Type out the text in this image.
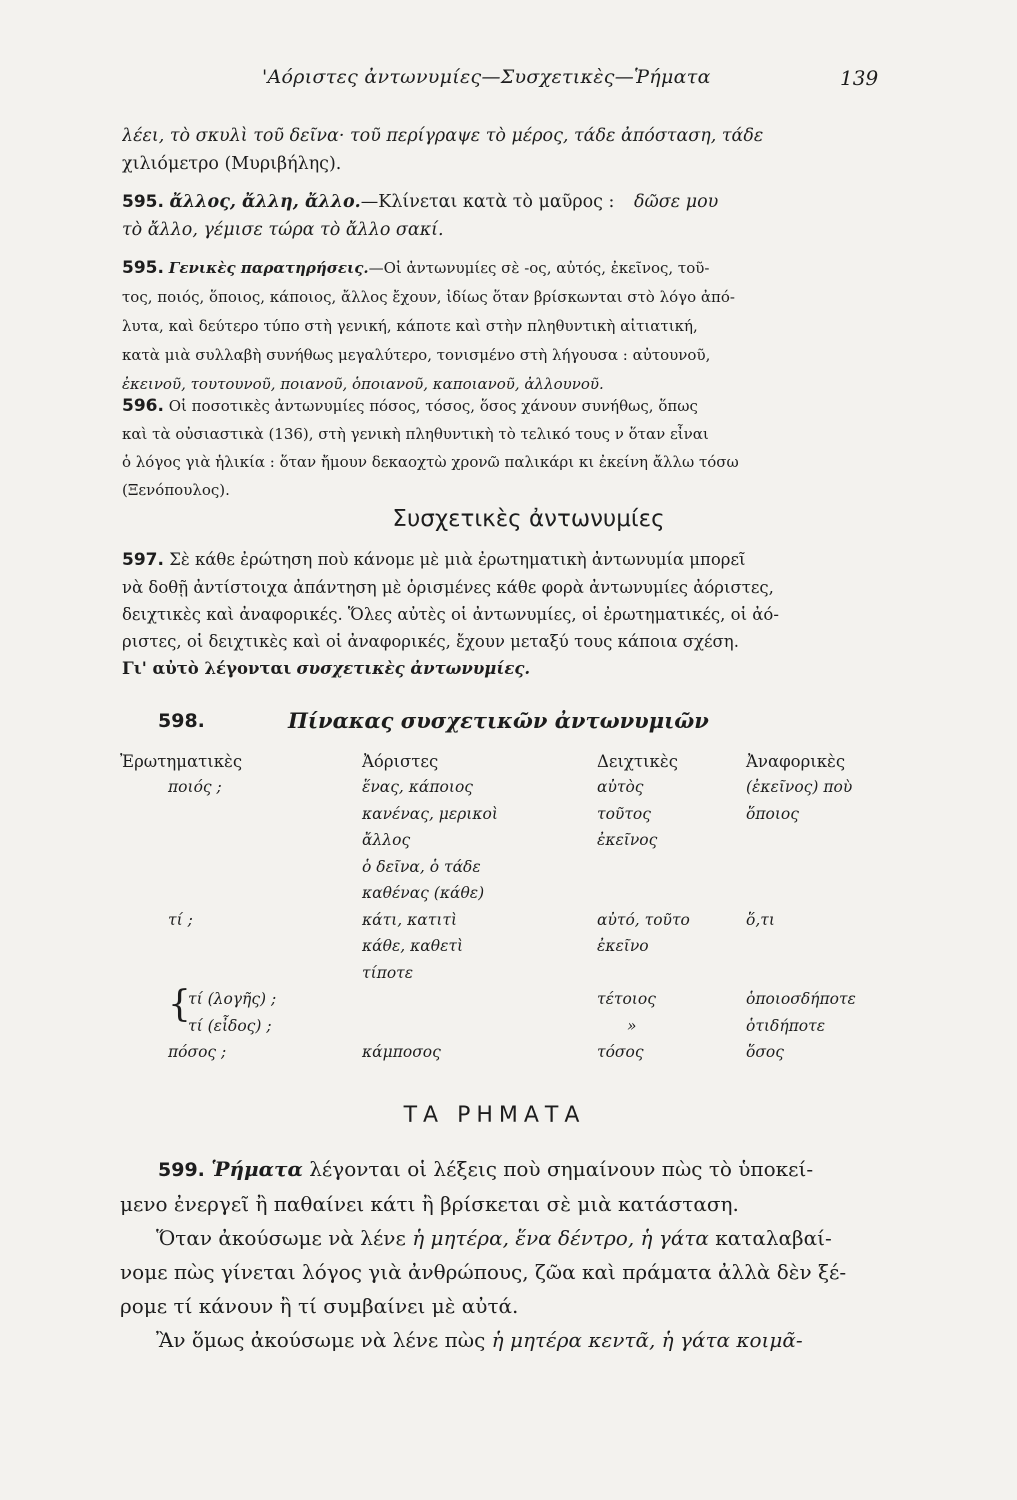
'Αόριστες ἀντωνυμίες—Συσχετικὲς—Ῥήματα	139
λέει, τὸ σκυλὶ τοῦ δεῖνα· τοῦ περίγραψε τὸ μέρος, τάδε ἀπόσταση, τάδε
χιλιόμετρο (Μυριβήλης).
595. ἄλλος, ἄλλη, ἄλλο.—Κλίνεται κατὰ τὸ μαῦρος : δῶσε μου
τὸ ἄλλο, γέμισε τώρα τὸ ἄλλο σακί.
595. Γενικὲς παρατηρήσεις.—Οἱ ἀντωνυμίες σὲ -ος, αὐτός, ἐκεῖνος, τοῦ-
τος, ποιός, ὅποιος, κάποιος, ἄλλος ἔχουν, ἰδίως ὅταν βρίσκωνται στὸ λόγο ἀπό-
λυτα, καὶ δεύτερο τύπο στὴ γενική, κάποτε καὶ στὴν πληθυντικὴ αἰτιατική,
κατὰ μιὰ συλλαβὴ συνήθως μεγαλύτερο, τονισμένο στὴ λήγουσα : αὐτουνοῦ,
ἐκεινοῦ, τουτουνοῦ, ποιανοῦ, ὁποιανοῦ, καποιανοῦ, ἀλλουνοῦ.
596. Οἱ ποσοτικὲς ἀντωνυμίες πόσος, τόσος, ὅσος χάνουν συνήθως, ὅπως
καὶ τὰ οὐσιαστικὰ (136), στὴ γενικὴ πληθυντικὴ τὸ τελικό τους ν ὅταν εἶναι
ὁ λόγος γιὰ ἡλικία : ὅταν ἤμουν δεκαοχτὼ χρονῶ παλικάρι κι ἐκείνη ἄλλω τόσω
(Ξενόπουλος).
Συσχετικὲς ἀντωνυμίες
597. Σὲ κάθε ἐρώτηση ποὺ κάνομε μὲ μιὰ ἐρωτηματικὴ ἀντωνυμία μπορεῖ
νὰ δοθῇ ἀντίστοιχα ἀπάντηση μὲ ὁρισμένες κάθε φορὰ ἀντωνυμίες ἀόριστες,
δειχτικὲς καὶ ἀναφορικές. Ὅλες αὐτὲς οἱ ἀντωνυμίες, οἱ ἐρωτηματικές, οἱ ἀό-
ριστες, οἱ δειχτικὲς καὶ οἱ ἀναφορικές, ἔχουν μεταξύ τους κάποια σχέση.
Γι' αὐτὸ λέγονται συσχετικὲς ἀντωνυμίες.
598.	Πίνακας συσχετικῶν ἀντωνυμιῶν
Ἐρωτηματικὲς	Ἀόριστες	Δειχτικὲς	Ἀναφορικὲς
ποιός ;	ἕνας, κάποιος	αὐτὸς	(ἐκεῖνος) ποὺ
	κανένας, μερικοὶ	τοῦτος	ὅποιος
	ἄλλος	ἐκεῖνος	
	ὁ δεῖνα, ὁ τάδε		
	καθένας (κάθε)		
τί ;	κάτι, κατιτὶ	αὐτό, τοῦτο	ὅ,τι
	κάθε, καθετὶ	ἐκεῖνο	
	τίποτε		

{
τί (λογῆς) ;		τέτοιος	ὁποιοσδήποτε
τί (εἶδος) ;		»	ὁτιδήποτε
πόσος ;	κάμποσος	τόσος	ὅσος
ΤΑ ΡΗΜΑΤΑ
599. Ῥήματα λέγονται οἱ λέξεις ποὺ σημαίνουν πὼς τὸ ὑποκεί-
μενο ἐνεργεῖ ἢ παθαίνει κάτι ἢ βρίσκεται σὲ μιὰ κατάσταση.
Ὅταν ἀκούσωμε νὰ λένε ἡ μητέρα, ἕνα δέντρο, ἡ γάτα καταλαβαί-
νομε πὼς γίνεται λόγος γιὰ ἀνθρώπους, ζῶα καὶ πράματα ἀλλὰ δὲν ξέ-
ρομε τί κάνουν ἢ τί συμβαίνει μὲ αὐτά.
Ἂν ὅμως ἀκούσωμε νὰ λένε πὼς ἡ μητέρα κεντᾶ, ἡ γάτα κοιμᾶ-
